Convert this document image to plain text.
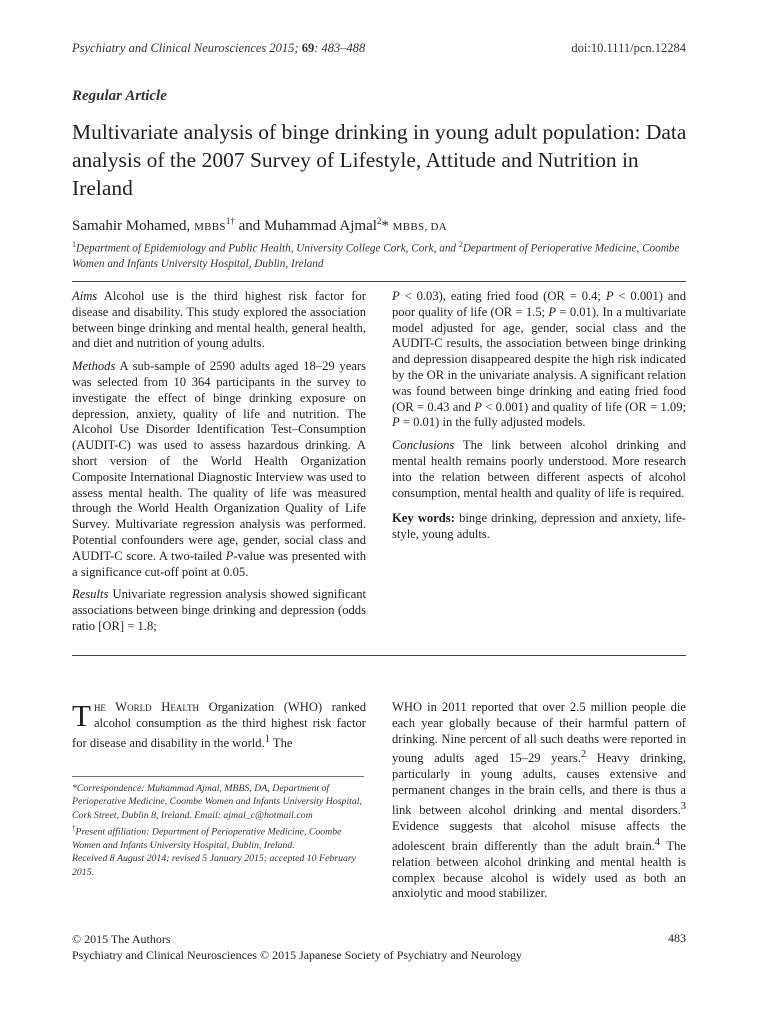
Psychiatry and Clinical Neurosciences 2015; 69: 483–488	doi:10.1111/pcn.12284
Regular Article
Multivariate analysis of binge drinking in young adult population: Data analysis of the 2007 Survey of Lifestyle, Attitude and Nutrition in Ireland
Samahir Mohamed, $MBBS^{1\dagger}$ and Muhammad Ajmal$^2$* MBBS, DA
$^1$Department of Epidemiology and Public Health, University College Cork, Cork, and $^2$Department of Perioperative Medicine, Coombe Women and Infants University Hospital, Dublin, Ireland

Aims Alcohol use is the third highest risk factor for disease and disability. This study explored the association between binge drinking and mental health, general health, and diet and nutrition of young adults.

Methods A sub-sample of 2590 adults aged 18–29 years was selected from 10 364 participants in the survey to investigate the effect of binge drinking exposure on depression, anxiety, quality of life and nutrition. The Alcohol Use Disorder Identification Test–Consumption (AUDIT-C) was used to assess hazardous drinking. A short version of the World Health Organization Composite International Diagnostic Interview was used to assess mental health. The quality of life was measured through the World Health Organization Quality of Life Survey. Multivariate regression analysis was performed. Potential confounders were age, gender, social class and AUDIT-C score. A two-tailed P-value was presented with a significance cut-off point at 0.05.

Results Univariate regression analysis showed significant associations between binge drinking and depression (odds ratio [OR] = 1.8;

P < 0.03), eating fried food (OR = 0.4; P < 0.001) and poor quality of life (OR = 1.5; P = 0.01). In a multivariate model adjusted for age, gender, social class and the AUDIT-C results, the association between binge drinking and depression disappeared despite the high risk indicated by the OR in the univariate analysis. A significant relation was found between binge drinking and eating fried food (OR = 0.43 and P < 0.001) and quality of life (OR = 1.09; P = 0.01) in the fully adjusted models.

Conclusions The link between alcohol drinking and mental health remains poorly understood. More research into the relation between different aspects of alcohol consumption, mental health and quality of life is required.

Key words: binge drinking, depression and anxiety, life-style, young adults.

The World Health Organization (WHO) ranked alcohol consumption as the third highest risk factor for disease and disability in the world.$^1$ The
WHO in 2011 reported that over 2.5 million people die each year globally because of their harmful pattern of drinking. Nine percent of all such deaths were reported in young adults aged 15–29 years.$^2$ Heavy drinking, particularly in young adults, causes extensive and permanent changes in the brain cells, and there is thus a link between alcohol drinking and mental disorders.$^3$ Evidence suggests that alcohol misuse affects the adolescent brain differently than the adult brain.$^4$ The relation between alcohol drinking and mental health is complex because alcohol is widely used as both an anxiolytic and mood stabilizer.

*Correspondence: Muhammad Ajmal, MBBS, DA, Department of Perioperative Medicine, Coombe Women and Infants University Hospital, Cork Street, Dublin 8, Ireland. Email: ajmal_c@hotmail.com

†Present affiliation: Department of Perioperative Medicine, Coombe Women and Infants University Hospital, Dublin, Ireland.

Received 8 August 2014; revised 5 January 2015; accepted 10 February 2015.

© 2015 The Authors
Psychiatry and Clinical Neurosciences © 2015 Japanese Society of Psychiatry and Neurology
483
